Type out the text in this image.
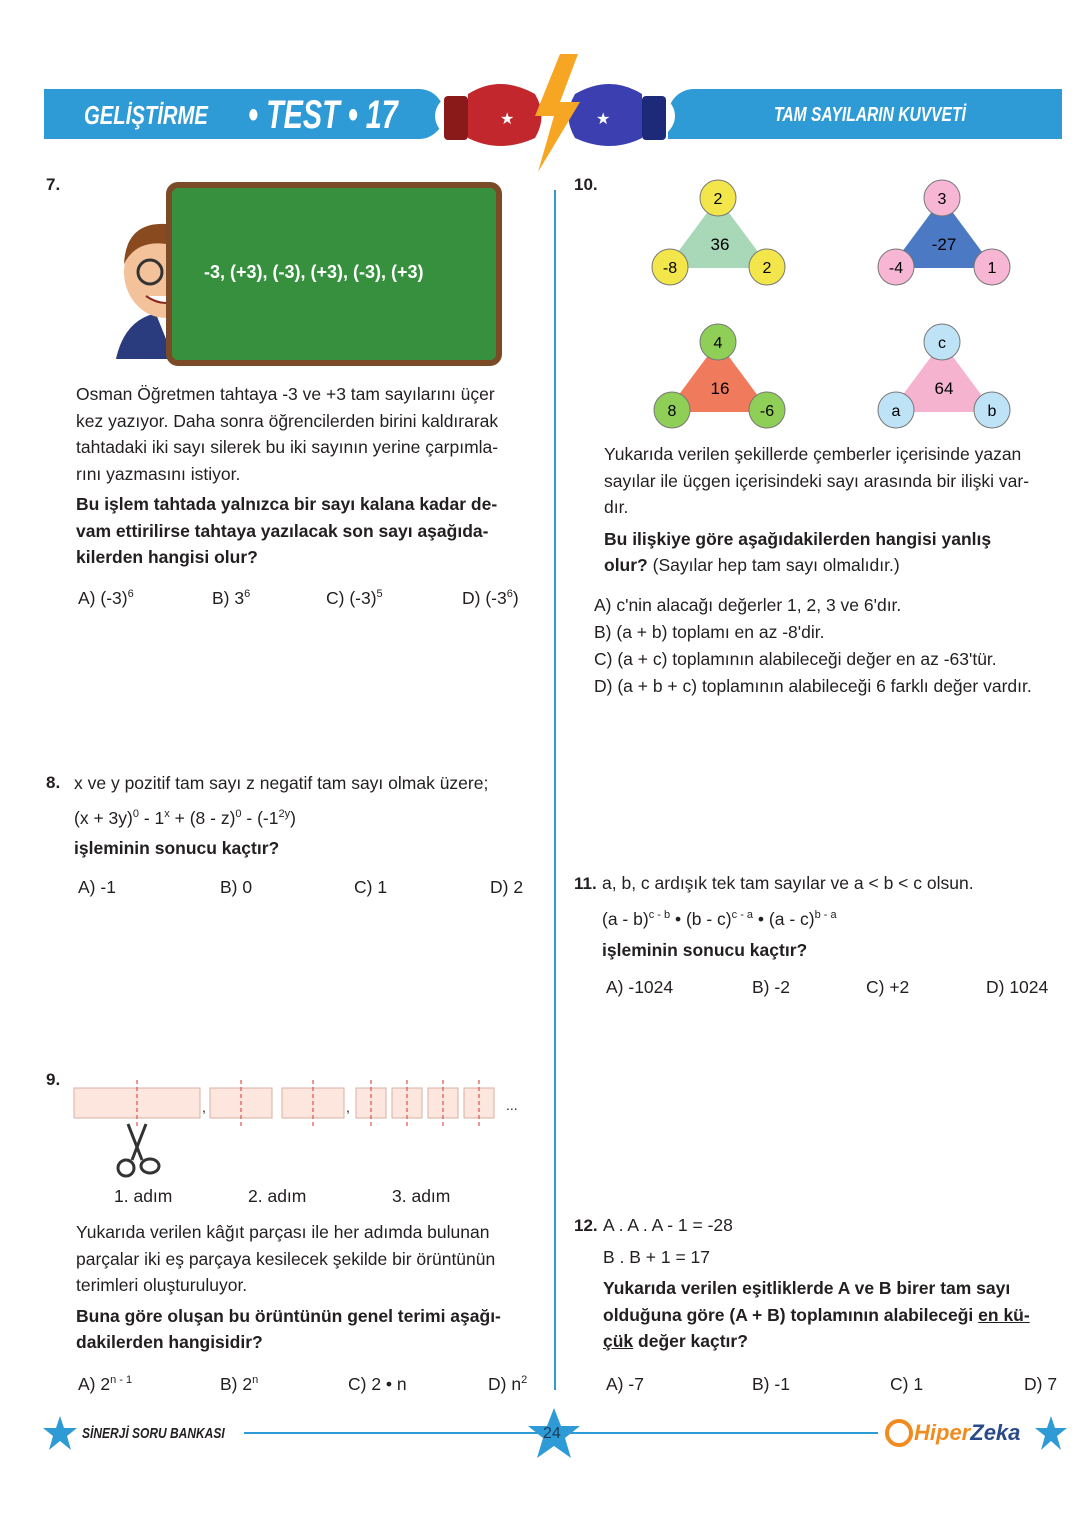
GELİŞTİRME • TEST • 17	TAM SAYILARIN KUVVETİ
★	★
7.
-3, (+3), (-3), (+3), (-3), (+3)
Osman Öğretmen tahtaya -3 ve +3 tam sayılarını üçer
kez yazıyor. Daha sonra öğrencilerden birini kaldırarak
tahtadaki iki sayı silerek bu iki sayının yerine çarpımla-
rını yazmasını istiyor.
Bu işlem tahtada yalnızca bir sayı kalana kadar de-
vam ettirilirse tahtaya yazılacak son sayı aşağıda-
kilerden hangisi olur?
A) $(-3)^6$	B) $3^6$	C) $(-3)^5$	D) $(-3^6)$
8. x ve y pozitif tam sayı z negatif tam sayı olmak üzere;
$(x + 3y)^0 - 1^x + (8 - z)^0 - (-1^{2y})$
işleminin sonucu kaçtır?
A) -1	B) 0	C) 1	D) 2
9.
,	,	...
1. adım	2. adım	3. adım
Yukarıda verilen kâğıt parçası ile her adımda bulunan
parçalar iki eş parçaya kesilecek şekilde bir örüntünün
terimleri oluşturuluyor.
Buna göre oluşan bu örüntünün genel terimi aşağı-
dakilerden hangisidir?
A) 2$^{n - 1}$	B) 2$^n$	C) 2 • n	D) $n^2$
10.
2
36
-8	2
3
-27
-4	1
4
16
8	-6
c
64
a	b
Yukarıda verilen şekillerde çemberler içerisinde yazan
sayılar ile üçgen içerisindeki sayı arasında bir ilişki var-
dır.
Bu ilişkiye göre aşağıdakilerden hangisi yanlış
olur? (Sayılar hep tam sayı olmalıdır.)
A) c'nin alacağı değerler 1, 2, 3 ve 6'dır.
B) (a + b) toplamı en az -8'dir.
C) (a + c) toplamının alabileceği değer en az -63'tür.
D) (a + b + c) toplamının alabileceği 6 farklı değer vardır.
11. a, b, c ardışık tek tam sayılar ve a < b < c olsun.
(a - b)$^{c - b}$ • (b - c)$^{c - a}$ • (a - c)$^{b - a}$
işleminin sonucu kaçtır?
A) -1024	B) -2	C) +2	D) 1024
12. A . A . A - 1 = -28
B . B + 1 = 17
Yukarıda verilen eşitliklerde A ve B birer tam sayı
olduğuna göre (A + B) toplamının alabileceği en kü-
çük değer kaçtır?
A) -7	B) -1	C) 1	D) 7
SİNERJİ SORU BANKASI	24	HiperZeka
